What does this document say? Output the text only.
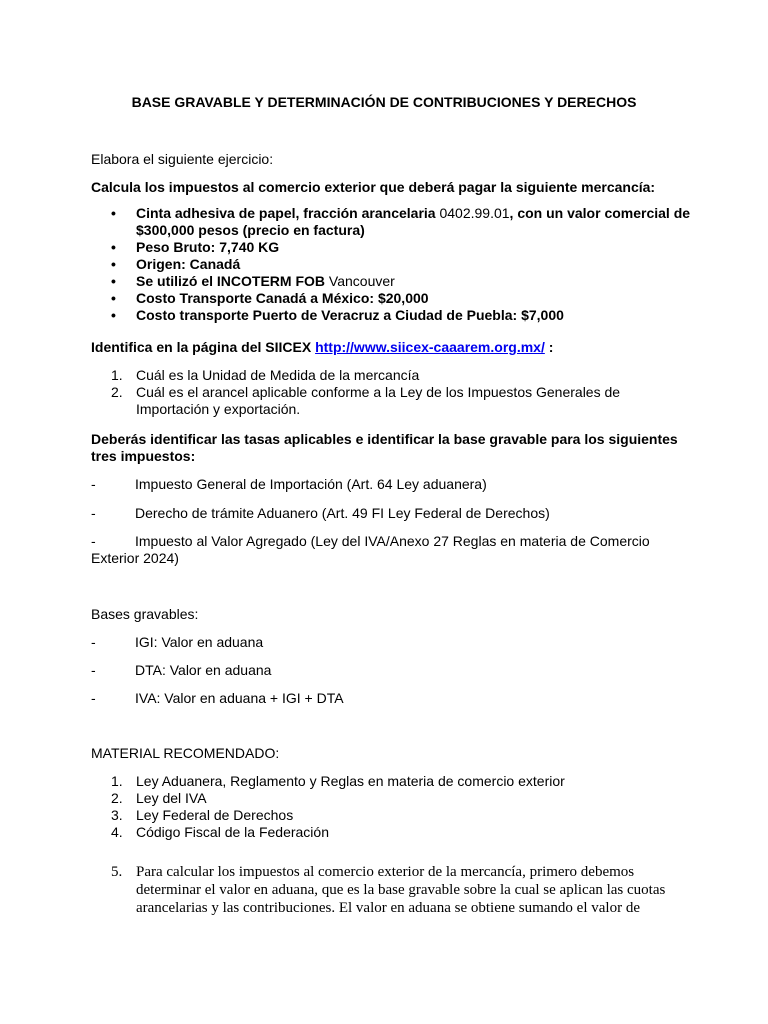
BASE GRAVABLE Y DETERMINACIÓN DE CONTRIBUCIONES Y DERECHOS
Elabora el siguiente ejercicio:
Calcula los impuestos al comercio exterior que deberá pagar la siguiente mercancía:
• Cinta adhesiva de papel, fracción arancelaria 0402.99.01, con un valor comercial de $300,000 pesos (precio en factura)
• Peso Bruto: 7,740 KG
• Origen: Canadá
• Se utilizó el INCOTERM FOB Vancouver
• Costo Transporte Canadá a México: $20,000
• Costo transporte Puerto de Veracruz a Ciudad de Puebla: $7,000
Identifica en la página del SIICEX http://www.siicex-caaarem.org.mx/ :
1. Cuál es la Unidad de Medida de la mercancía
2. Cuál es el arancel aplicable conforme a la Ley de los Impuestos Generales de Importación y exportación.
Deberás identificar las tasas aplicables e identificar la base gravable para los siguientes tres impuestos:
-	Impuesto General de Importación (Art. 64 Ley aduanera)
-	Derecho de trámite Aduanero (Art. 49 FI Ley Federal de Derechos)
-	Impuesto al Valor Agregado (Ley del IVA/Anexo 27 Reglas en materia de Comercio Exterior 2024)
Bases gravables:
-	IGI: Valor en aduana
-	DTA: Valor en aduana
-	IVA: Valor en aduana + IGI + DTA
MATERIAL RECOMENDADO:
1. Ley Aduanera, Reglamento y Reglas en materia de comercio exterior
2. Ley del IVA
3. Ley Federal de Derechos
4. Código Fiscal de la Federación
5. Para calcular los impuestos al comercio exterior de la mercancía, primero debemos determinar el valor en aduana, que es la base gravable sobre la cual se aplican las cuotas arancelarias y las contribuciones. El valor en aduana se obtiene sumando el valor de
